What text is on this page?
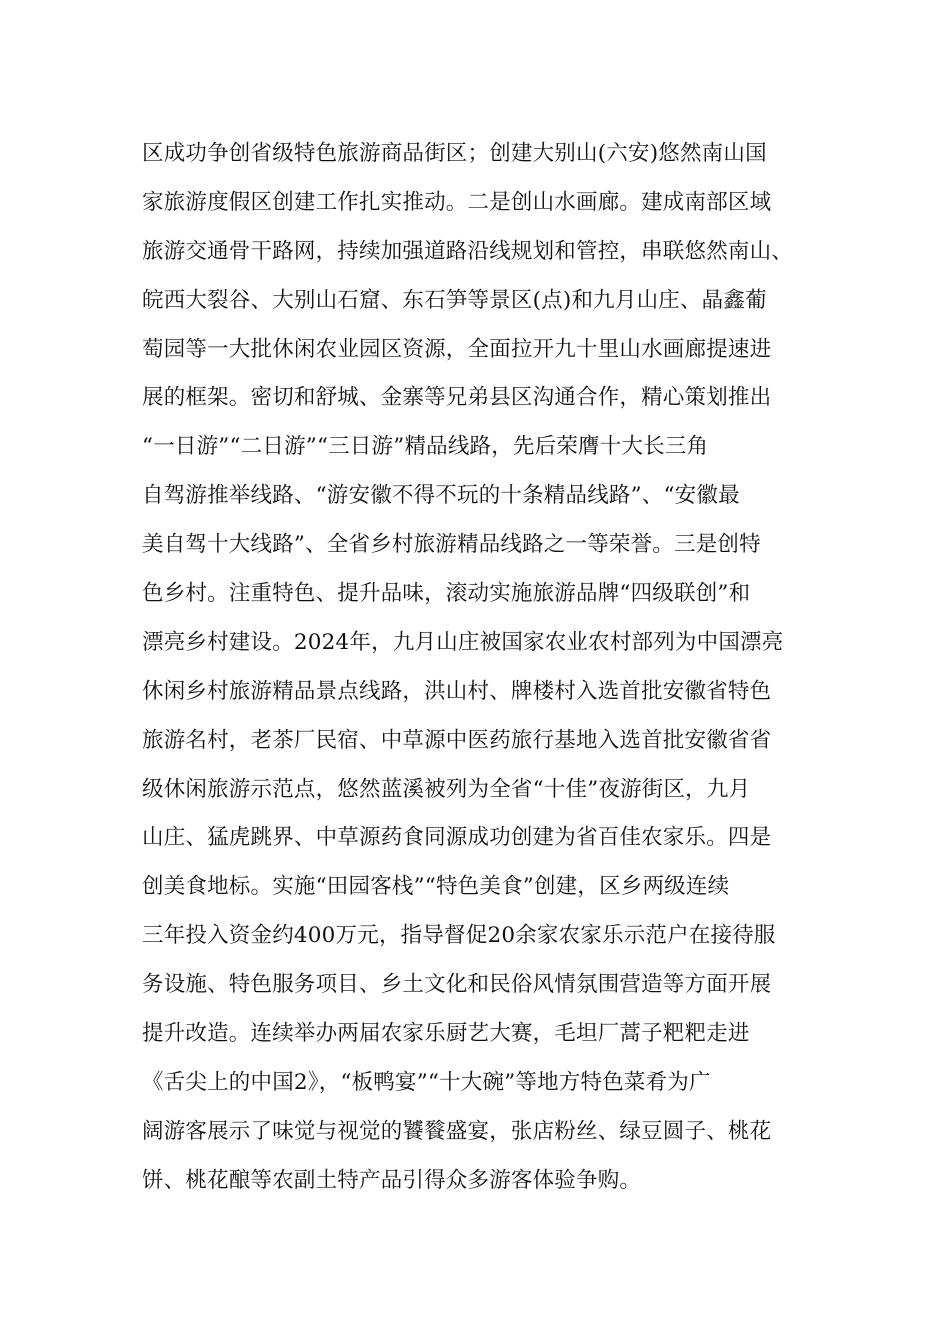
区成功争创省级特色旅游商品街区；创建大别山(六安)悠然南山国
家旅游度假区创建工作扎实推动。二是创山水画廊。建成南部区域
旅游交通骨干路网，持续加强道路沿线规划和管控，串联悠然南山、
皖西大裂谷、大别山石窟、东石笋等景区(点)和九月山庄、晶鑫葡
萄园等一大批休闲农业园区资源，全面拉开九十里山水画廊提速进
展的框架。密切和舒城、金寨等兄弟县区沟通合作，精心策划推出
“一日游”“二日游”“三日游”精品线路，先后荣膺十大长三角
自驾游推举线路、“游安徽不得不玩的十条精品线路”、“安徽最
美自驾十大线路”、全省乡村旅游精品线路之一等荣誉。三是创特
色乡村。注重特色、提升品味，滚动实施旅游品牌“四级联创”和
漂亮乡村建设。2024年，九月山庄被国家农业农村部列为中国漂亮
休闲乡村旅游精品景点线路，洪山村、牌楼村入选首批安徽省特色
旅游名村，老茶厂民宿、中草源中医药旅行基地入选首批安徽省省
级休闲旅游示范点，悠然蓝溪被列为全省“十佳”夜游街区，九月
山庄、猛虎跳界、中草源药食同源成功创建为省百佳农家乐。四是
创美食地标。实施“田园客栈”“特色美食”创建，区乡两级连续
三年投入资金约400万元，指导督促20余家农家乐示范户在接待服
务设施、特色服务项目、乡土文化和民俗风情氛围营造等方面开展
提升改造。连续举办两届农家乐厨艺大赛，毛坦厂蒿子粑粑走进
《舌尖上的中国2》，“板鸭宴”“十大碗”等地方特色菜肴为广
阔游客展示了味觉与视觉的饕餮盛宴，张店粉丝、绿豆圆子、桃花
饼、桃花酿等农副土特产品引得众多游客体验争购。
